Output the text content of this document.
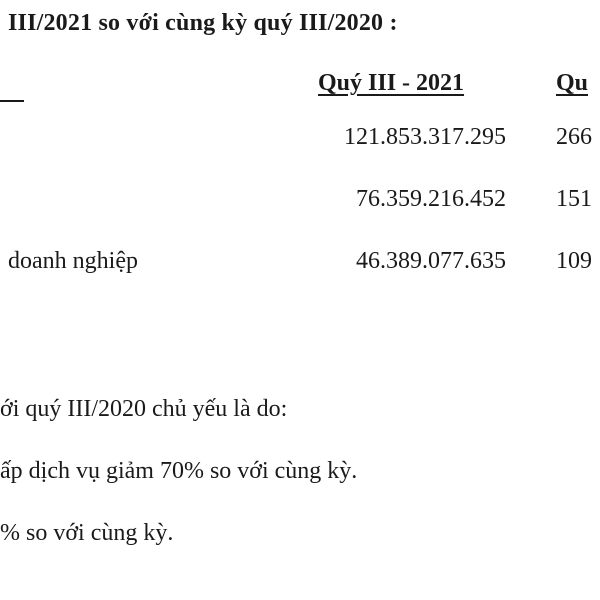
III/2021 so với cùng kỳ quý III/2020 :
Quý III - 2021	Qu
121.853.317.295 266
76.359.216.452 151
doanh nghiệp	46.389.077.635 109
ới quý III/2020 chủ yếu là do:
ấp dịch vụ giảm 70% so với cùng kỳ.
% so với cùng kỳ.
